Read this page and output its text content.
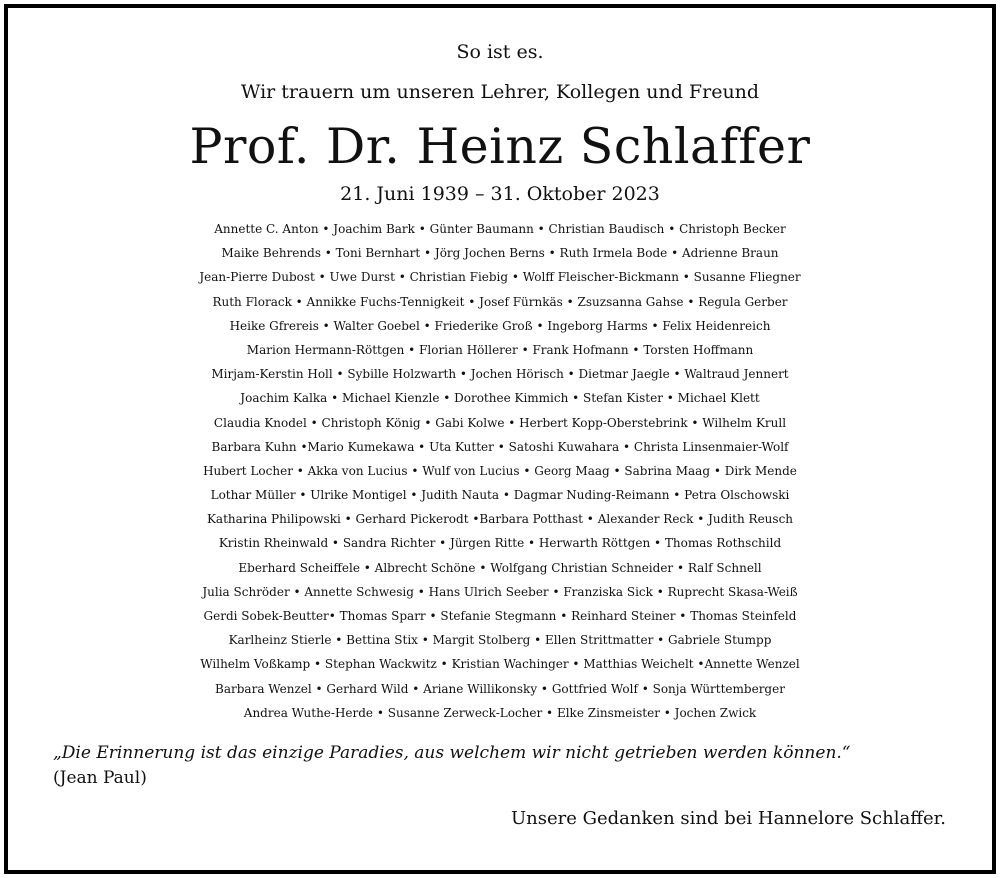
So ist es.
Wir trauern um unseren Lehrer, Kollegen und Freund
Prof. Dr. Heinz Schlaffer
21. Juni 1939 – 31. Oktober 2023
Annette C. Anton • Joachim Bark • Günter Baumann • Christian Baudisch • Christoph Becker
Maike Behrends • Toni Bernhart • Jörg Jochen Berns • Ruth Irmela Bode • Adrienne Braun
Jean-Pierre Dubost • Uwe Durst • Christian Fiebig • Wolff Fleischer-Bickmann • Susanne Fliegner
Ruth Florack • Annikke Fuchs-Tennigkeit • Josef Fürnkäs • Zsuzsanna Gahse • Regula Gerber
Heike Gfrereis • Walter Goebel • Friederike Groß • Ingeborg Harms • Felix Heidenreich
Marion Hermann-Röttgen • Florian Höllerer • Frank Hofmann • Torsten Hoffmann
Mirjam-Kerstin Holl • Sybille Holzwarth • Jochen Hörisch • Dietmar Jaegle • Waltraud Jennert
Joachim Kalka • Michael Kienzle • Dorothee Kimmich • Stefan Kister • Michael Klett
Claudia Knodel • Christoph König • Gabi Kolwe • Herbert Kopp-Oberstebrink • Wilhelm Krull
Barbara Kuhn •Mario Kumekawa • Uta Kutter • Satoshi Kuwahara • Christa Linsenmaier-Wolf
Hubert Locher • Akka von Lucius • Wulf von Lucius • Georg Maag • Sabrina Maag • Dirk Mende
Lothar Müller • Ulrike Montigel • Judith Nauta • Dagmar Nuding-Reimann • Petra Olschowski
Katharina Philipowski • Gerhard Pickerodt •Barbara Potthast • Alexander Reck • Judith Reusch
Kristin Rheinwald • Sandra Richter • Jürgen Ritte • Herwarth Röttgen • Thomas Rothschild
Eberhard Scheiffele • Albrecht Schöne • Wolfgang Christian Schneider • Ralf Schnell
Julia Schröder • Annette Schwesig • Hans Ulrich Seeber • Franziska Sick • Ruprecht Skasa-Weiß
Gerdi Sobek-Beutter• Thomas Sparr • Stefanie Stegmann • Reinhard Steiner • Thomas Steinfeld
Karlheinz Stierle • Bettina Stix • Margit Stolberg • Ellen Strittmatter • Gabriele Stumpp
Wilhelm Voßkamp • Stephan Wackwitz • Kristian Wachinger • Matthias Weichelt •Annette Wenzel
Barbara Wenzel • Gerhard Wild • Ariane Willikonsky • Gottfried Wolf • Sonja Württemberger
Andrea Wuthe-Herde • Susanne Zerweck-Locher • Elke Zinsmeister • Jochen Zwick
„Die Erinnerung ist das einzige Paradies, aus welchem wir nicht getrieben werden können.“
(Jean Paul)
Unsere Gedanken sind bei Hannelore Schlaffer.
